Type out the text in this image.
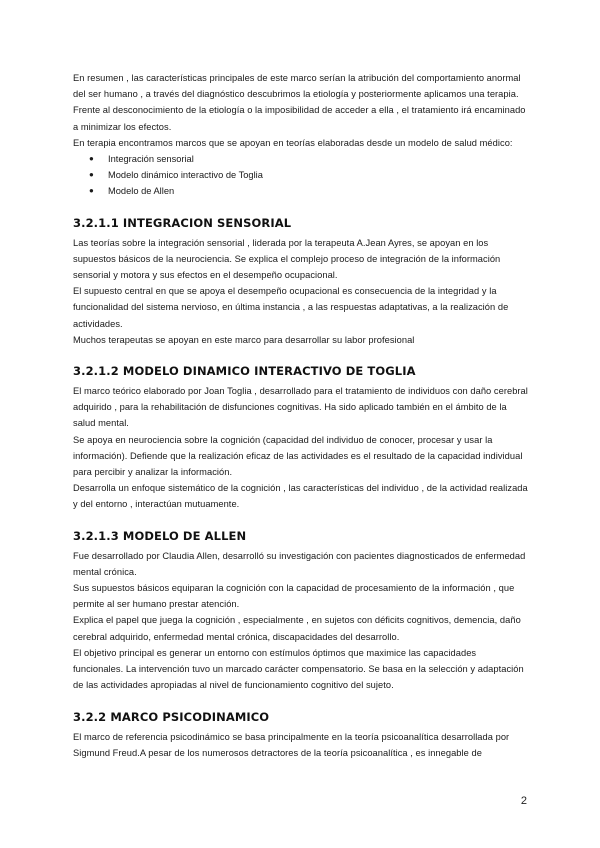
En resumen , las características principales de este marco serían la atribución del comportamiento anormal del ser humano , a través del diagnóstico descubrimos la etiología y posteriormente aplicamos una terapia.

Frente al desconocimiento de la etiología o la imposibilidad de acceder a ella , el tratamiento irá encaminado a minimizar los efectos.

En terapia encontramos marcos que se apoyan en teorías elaboradas desde un modelo de salud médico:

● Integración sensorial
● Modelo dinámico interactivo de Toglia
● Modelo de Allen
3.2.1.1 INTEGRACION SENSORIAL

Las teorías sobre la integración sensorial , liderada por la terapeuta A.Jean Ayres, se apoyan en los supuestos básicos de la neurociencia. Se explica el complejo proceso de integración de la información sensorial y motora y sus efectos en el desempeño ocupacional.

El supuesto central en que se apoya el desempeño ocupacional es consecuencia de la integridad y la funcionalidad del sistema nervioso, en última instancia , a las respuestas adaptativas, a la realización de actividades.

Muchos terapeutas se apoyan en este marco para desarrollar su labor profesional

3.2.1.2 MODELO DINAMICO INTERACTIVO DE TOGLIA

El marco teórico elaborado por Joan Toglia , desarrollado para el tratamiento de individuos con daño cerebral adquirido , para la rehabilitación de disfunciones cognitivas. Ha sido aplicado también en el ámbito de la salud mental.

Se apoya en neurociencia sobre la cognición (capacidad del individuo de conocer, procesar y usar la información). Defiende que la realización eficaz de las actividades es el resultado de la capacidad individual para percibir y analizar la información.

Desarrolla un enfoque sistemático de la cognición , las características del individuo , de la actividad realizada y del entorno , interactúan mutuamente.

3.2.1.3 MODELO DE ALLEN

Fue desarrollado por Claudia Allen, desarrolló su investigación con pacientes diagnosticados de enfermedad mental crónica.

Sus supuestos básicos equiparan la cognición con la capacidad de procesamiento de la información , que permite al ser humano prestar atención.

Explica el papel que juega la cognición , especialmente , en sujetos con déficits cognitivos, demencia, daño cerebral adquirido, enfermedad mental crónica, discapacidades del desarrollo.

El objetivo principal es generar un entorno con estímulos óptimos que maximice las capacidades funcionales. La intervención tuvo un marcado carácter compensatorio. Se basa en la selección y adaptación de las actividades apropiadas al nivel de funcionamiento cognitivo del sujeto.

3.2.2 MARCO PSICODINAMICO

El marco de referencia psicodinámico se basa principalmente en la teoría psicoanalítica desarrollada por Sigmund Freud.A pesar de los numerosos detractores de la teoría psicoanalítica , es innegable de

2
